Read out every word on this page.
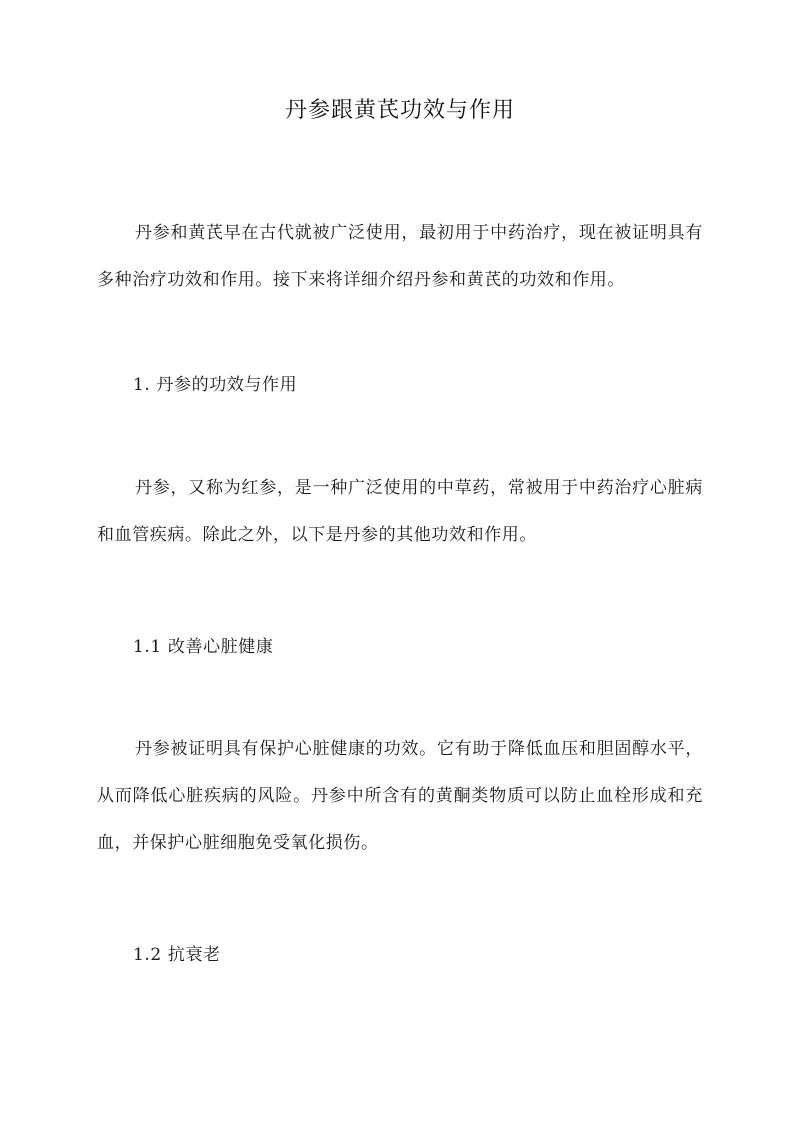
丹参跟黄芪功效与作用

丹参和黄芪早在古代就被广泛使用，最初用于中药治疗，现在被证明具有多种治疗功效和作用。接下来将详细介绍丹参和黄芪的功效和作用。

1. 丹参的功效与作用

丹参，又称为红参，是一种广泛使用的中草药，常被用于中药治疗心脏病和血管疾病。除此之外，以下是丹参的其他功效和作用。

1.1 改善心脏健康

丹参被证明具有保护心脏健康的功效。它有助于降低血压和胆固醇水平，从而降低心脏疾病的风险。丹参中所含有的黄酮类物质可以防止血栓形成和充血，并保护心脏细胞免受氧化损伤。

1.2 抗衰老
